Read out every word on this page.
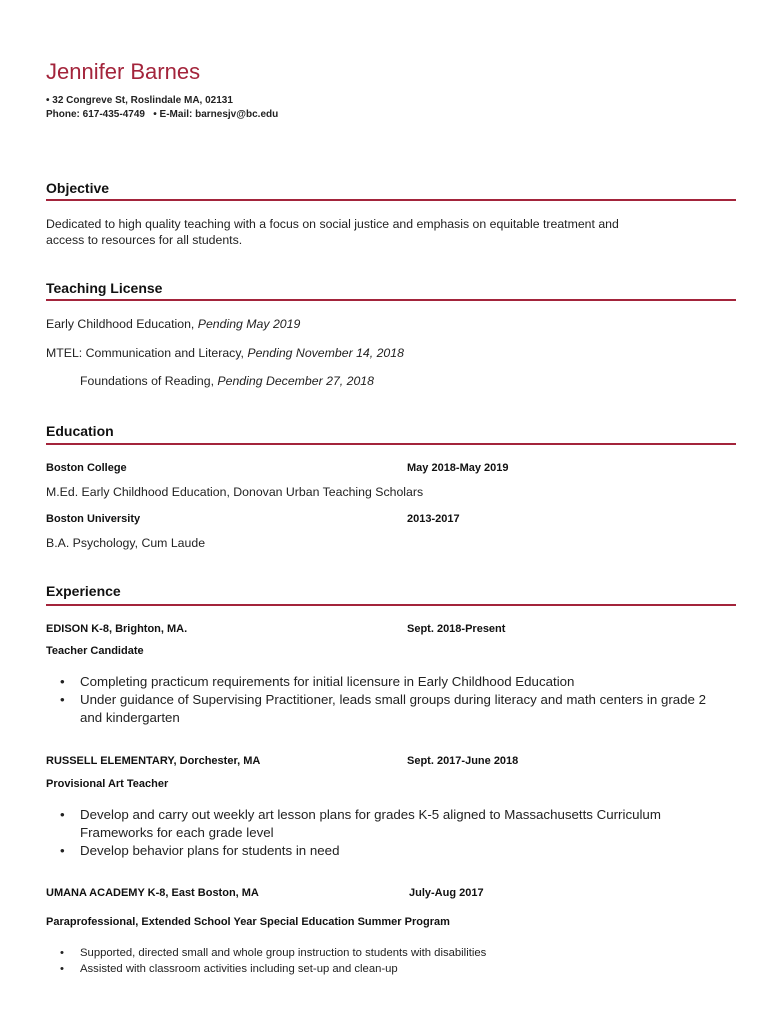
Jennifer Barnes
• 32 Congreve St, Roslindale MA, 02131
Phone: 617-435-4749   • E-Mail: barnesjv@bc.edu
Objective
Dedicated to high quality teaching with a focus on social justice and emphasis on equitable treatment and
access to resources for all students.
Teaching License
Early Childhood Education, Pending May 2019
MTEL: Communication and Literacy, Pending November 14, 2018
Foundations of Reading, Pending December 27, 2018
Education
Boston College	May 2018-May 2019
M.Ed. Early Childhood Education, Donovan Urban Teaching Scholars
Boston University	2013-2017
B.A. Psychology, Cum Laude
Experience
EDISON K-8, Brighton, MA.	Sept. 2018-Present
Teacher Candidate
• Completing practicum requirements for initial licensure in Early Childhood Education
• Under guidance of Supervising Practitioner, leads small groups during literacy and math centers in grade 2 and kindergarten
RUSSELL ELEMENTARY, Dorchester, MA	Sept. 2017-June 2018
Provisional Art Teacher
• Develop and carry out weekly art lesson plans for grades K-5 aligned to Massachusetts Curriculum Frameworks for each grade level
• Develop behavior plans for students in need
UMANA ACADEMY K-8, East Boston, MA	July-Aug 2017
Paraprofessional, Extended School Year Special Education Summer Program
• Supported, directed small and whole group instruction to students with disabilities
• Assisted with classroom activities including set-up and clean-up
